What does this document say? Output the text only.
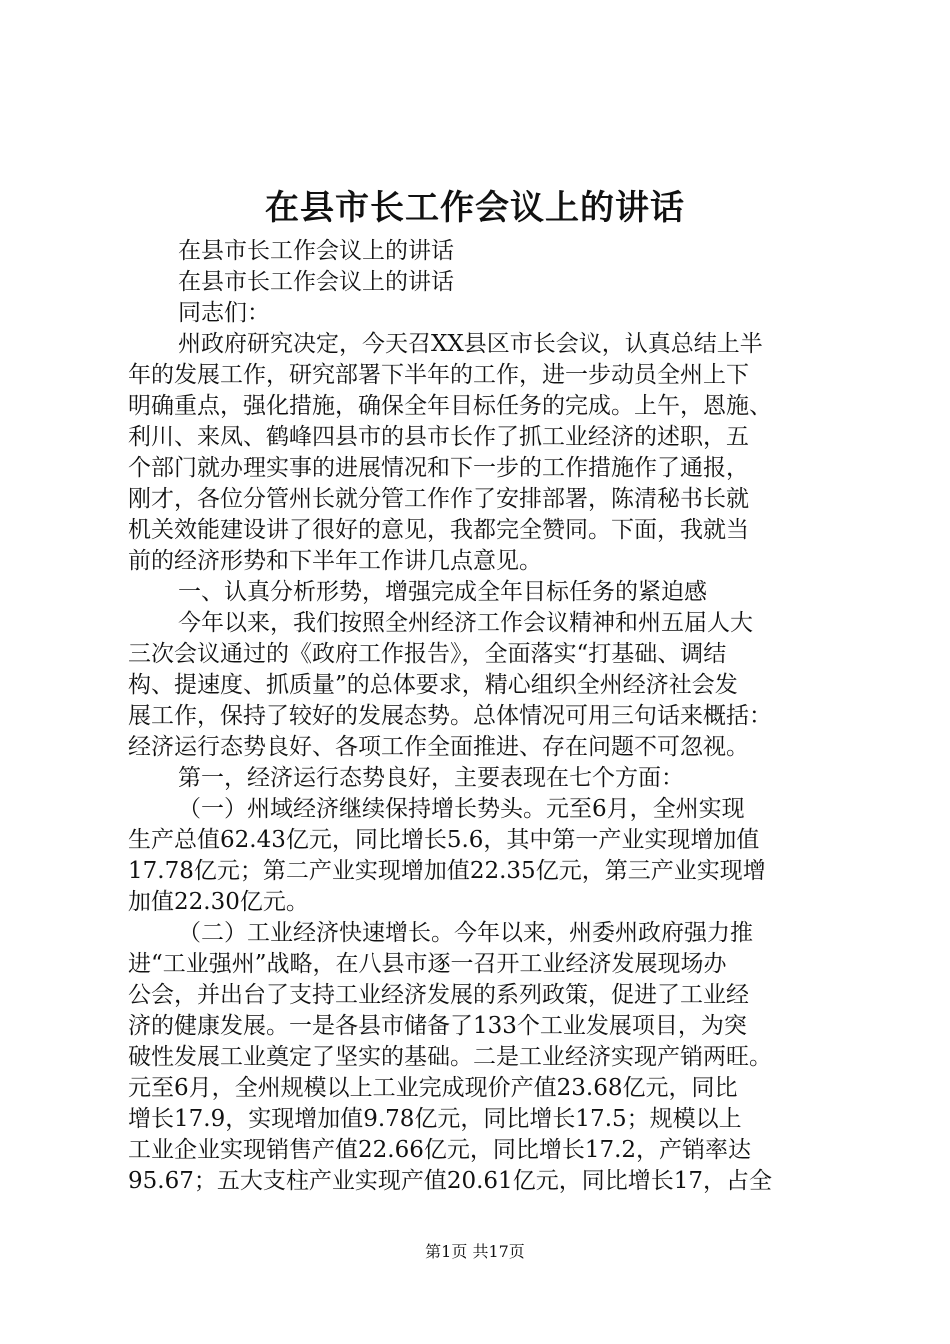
在县市长工作会议上的讲话

在县市长工作会议上的讲话

在县市长工作会议上的讲话

同志们：

州政府研究决定，今天召XX县区市长会议，认真总结上半

年的发展工作，研究部署下半年的工作，进一步动员全州上下

明确重点，强化措施，确保全年目标任务的完成。上午，恩施、

利川、来凤、鹤峰四县市的县市长作了抓工业经济的述职，五

个部门就办理实事的进展情况和下一步的工作措施作了通报，

刚才，各位分管州长就分管工作作了安排部署，陈清秘书长就

机关效能建设讲了很好的意见，我都完全赞同。下面，我就当

前的经济形势和下半年工作讲几点意见。

一、认真分析形势，增强完成全年目标任务的紧迫感

今年以来，我们按照全州经济工作会议精神和州五届人大

三次会议通过的《政府工作报告》，全面落实“打基础、调结

构、提速度、抓质量”的总体要求，精心组织全州经济社会发

展工作，保持了较好的发展态势。总体情况可用三句话来概括：

经济运行态势良好、各项工作全面推进、存在问题不可忽视。

第一，经济运行态势良好，主要表现在七个方面：

（一）州域经济继续保持增长势头。元至6月，全州实现

生产总值62.43亿元，同比增长5.6，其中第一产业实现增加值

17.78亿元；第二产业实现增加值22.35亿元，第三产业实现增

加值22.30亿元。

（二）工业经济快速增长。今年以来，州委州政府强力推

进“工业强州”战略，在八县市逐一召开工业经济发展现场办

公会，并出台了支持工业经济发展的系列政策，促进了工业经

济的健康发展。一是各县市储备了133个工业发展项目，为突

破性发展工业奠定了坚实的基础。二是工业经济实现产销两旺。

元至6月，全州规模以上工业完成现价产值23.68亿元，同比

增长17.9，实现增加值9.78亿元，同比增长17.5；规模以上

工业企业实现销售产值22.66亿元，同比增长17.2，产销率达

95.67；五大支柱产业实现产值20.61亿元，同比增长17，占全

第1页 共17页
